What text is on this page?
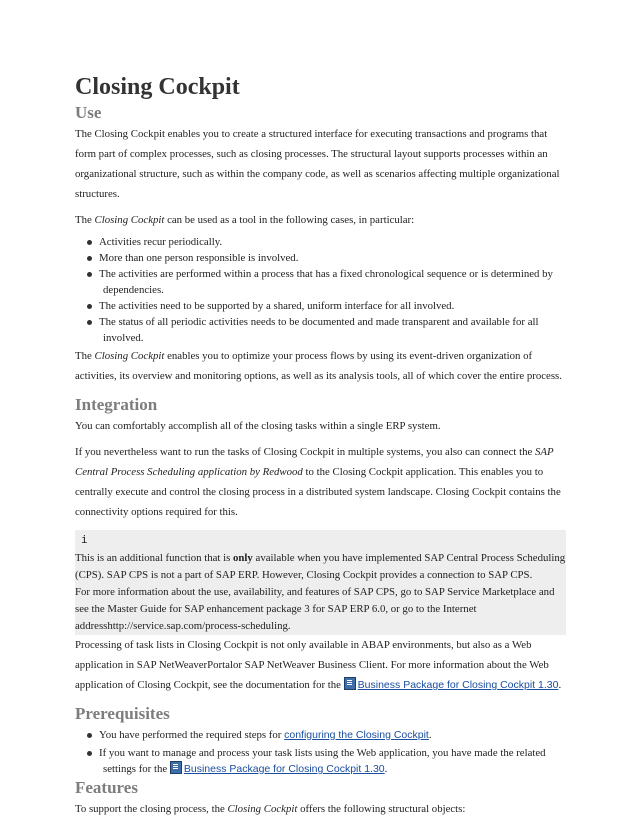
Closing Cockpit
Use

The Closing Cockpit enables you to create a structured interface for executing transactions and programs that form part of complex processes, such as closing processes. The structural layout supports processes within an organizational structure, such as within the company code, as well as scenarios affecting multiple organizational structures.

The Closing Cockpit can be used as a tool in the following cases, in particular:

Activities recur periodically.
More than one person responsible is involved.
The activities are performed within a process that has a fixed chronological sequence or is determined by
dependencies.
The activities need to be supported by a shared, uniform interface for all involved.
The status of all periodic activities needs to be documented and made transparent and available for all
involved.

The Closing Cockpit enables you to optimize your process flows by using its event-driven organization of activities, its overview and monitoring options, as well as its analysis tools, all of which cover the entire process.

Integration

You can comfortably accomplish all of the closing tasks within a single ERP system.

If you nevertheless want to run the tasks of Closing Cockpit in multiple systems, you also can connect the SAP Central Process Scheduling application by Redwood to the Closing Cockpit application. This enables you to centrally execute and control the closing process in a distributed system landscape. Closing Cockpit contains the connectivity options required for this.

i

This is an additional function that is only available when you have implemented SAP Central Process Scheduling (CPS). SAP CPS is not a part of SAP ERP. However, Closing Cockpit provides a connection to SAP CPS.

For more information about the use, availability, and features of SAP CPS, go to SAP Service Marketplace and see the Master Guide for SAP enhancement package 3 for SAP ERP 6.0, or go to the Internet

addresshttp://service.sap.com/process-scheduling.

Processing of task lists in Closing Cockpit is not only available in ABAP environments, but also as a Web application in SAP NetWeaverPortalor SAP NetWeaver Business Client. For more information about the Web application of Closing Cockpit, see the documentation for the Business Package for Closing Cockpit 1.30.

Prerequisites
You have performed the required steps for configuring the Closing Cockpit.
If you want to manage and process your task lists using the Web application, you have made the related
settings for the Business Package for Closing Cockpit 1.30.
Features

To support the closing process, the Closing Cockpit offers the following structural objects:
